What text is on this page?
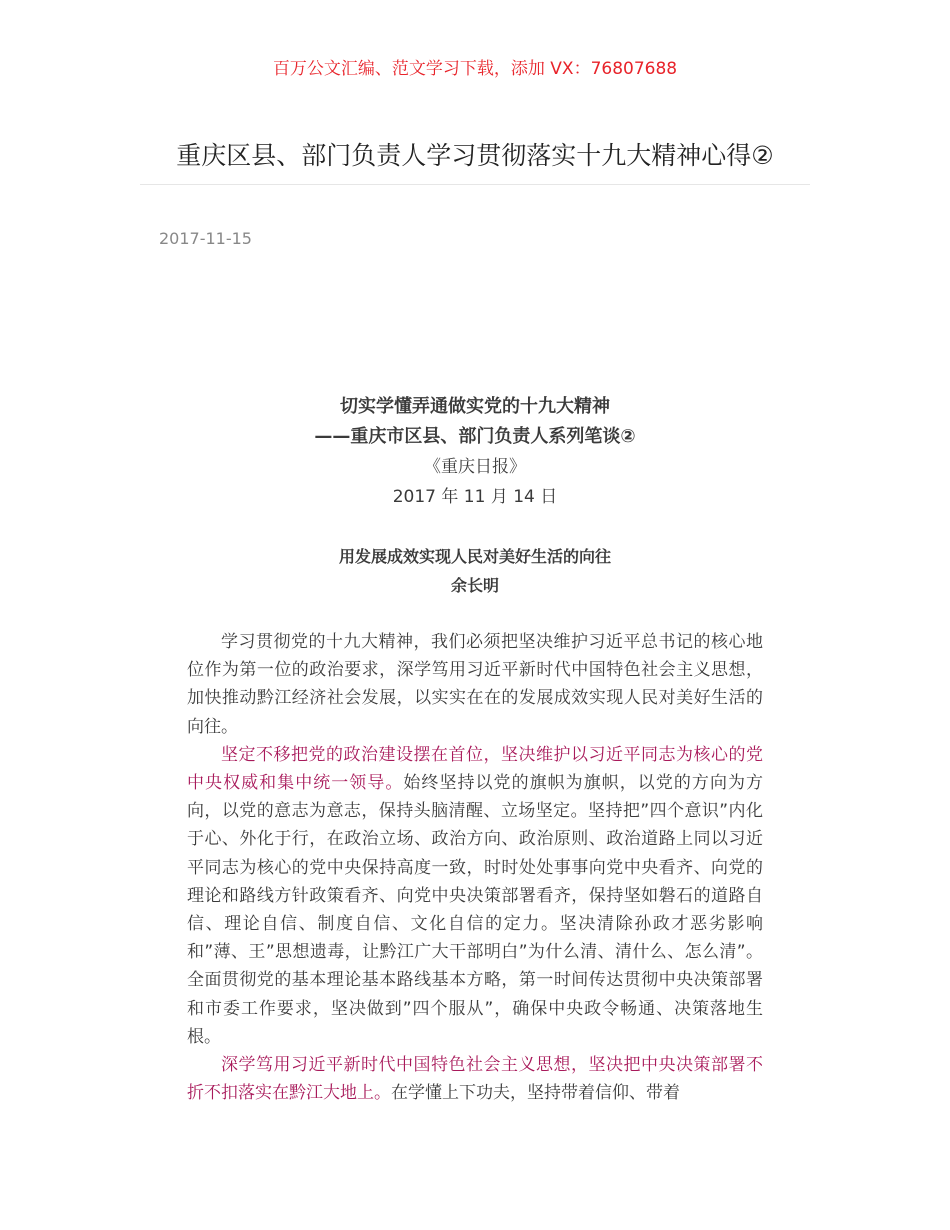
百万公文汇编、范文学习下载，添加 VX：76807688
重庆区县、部门负责人学习贯彻落实十九大精神心得②
2017-11-15
切实学懂弄通做实党的十九大精神
——重庆市区县、部门负责人系列笔谈②
《重庆日报》
2017 年 11 月 14 日
用发展成效实现人民对美好生活的向往
余长明

学习贯彻党的十九大精神，我们必须把坚决维护习近平总书记的核心地位作为第一位的政治要求，深学笃用习近平新时代中国特色社会主义思想，加快推动黔江经济社会发展，以实实在在的发展成效实现人民对美好生活的向往。

坚定不移把党的政治建设摆在首位，坚决维护以习近平同志为核心的党中央权威和集中统一领导。始终坚持以党的旗帜为旗帜，以党的方向为方向，以党的意志为意志，保持头脑清醒、立场坚定。坚持把”四个意识”内化于心、外化于行，在政治立场、政治方向、政治原则、政治道路上同以习近平同志为核心的党中央保持高度一致，时时处处事事向党中央看齐、向党的理论和路线方针政策看齐、向党中央决策部署看齐，保持坚如磐石的道路自信、理论自信、制度自信、文化自信的定力。坚决清除孙政才恶劣影响和”薄、王”思想遗毒，让黔江广大干部明白”为什么清、清什么、怎么清”。全面贯彻党的基本理论基本路线基本方略，第一时间传达贯彻中央决策部署和市委工作要求，坚决做到”四个服从”，确保中央政令畅通、决策落地生根。

深学笃用习近平新时代中国特色社会主义思想，坚决把中央决策部署不折不扣落实在黔江大地上。在学懂上下功夫，坚持带着信仰、带着
